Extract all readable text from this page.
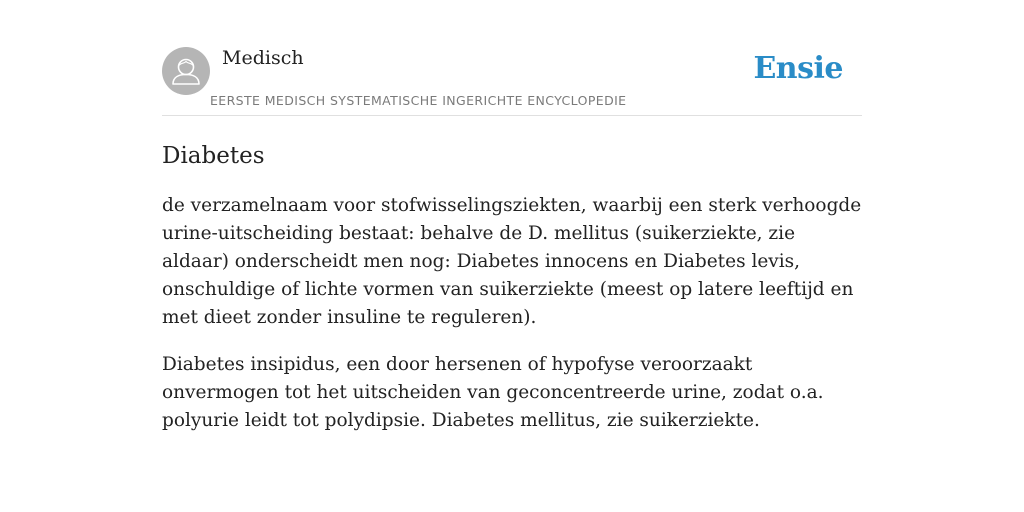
Medisch
EERSTE MEDISCH SYSTEMATISCHE INGERICHTE ENCYCLOPEDIE
Ensie
Diabetes

de verzamelnaam voor stofwisselingsziekten, waarbij een sterk verhoogde urine-uitscheiding bestaat: behalve de D. mellitus (suikerziekte, zie aldaar) onderscheidt men nog: Diabetes innocens en Diabetes levis, onschuldige of lichte vormen van suikerziekte (meest op latere leeftijd en met dieet zonder insuline te reguleren).

Diabetes insipidus, een door hersenen of hypofyse veroorzaakt onvermogen tot het uitscheiden van geconcentreerde urine, zodat o.a. polyurie leidt tot polydipsie. Diabetes mellitus, zie suikerziekte.
